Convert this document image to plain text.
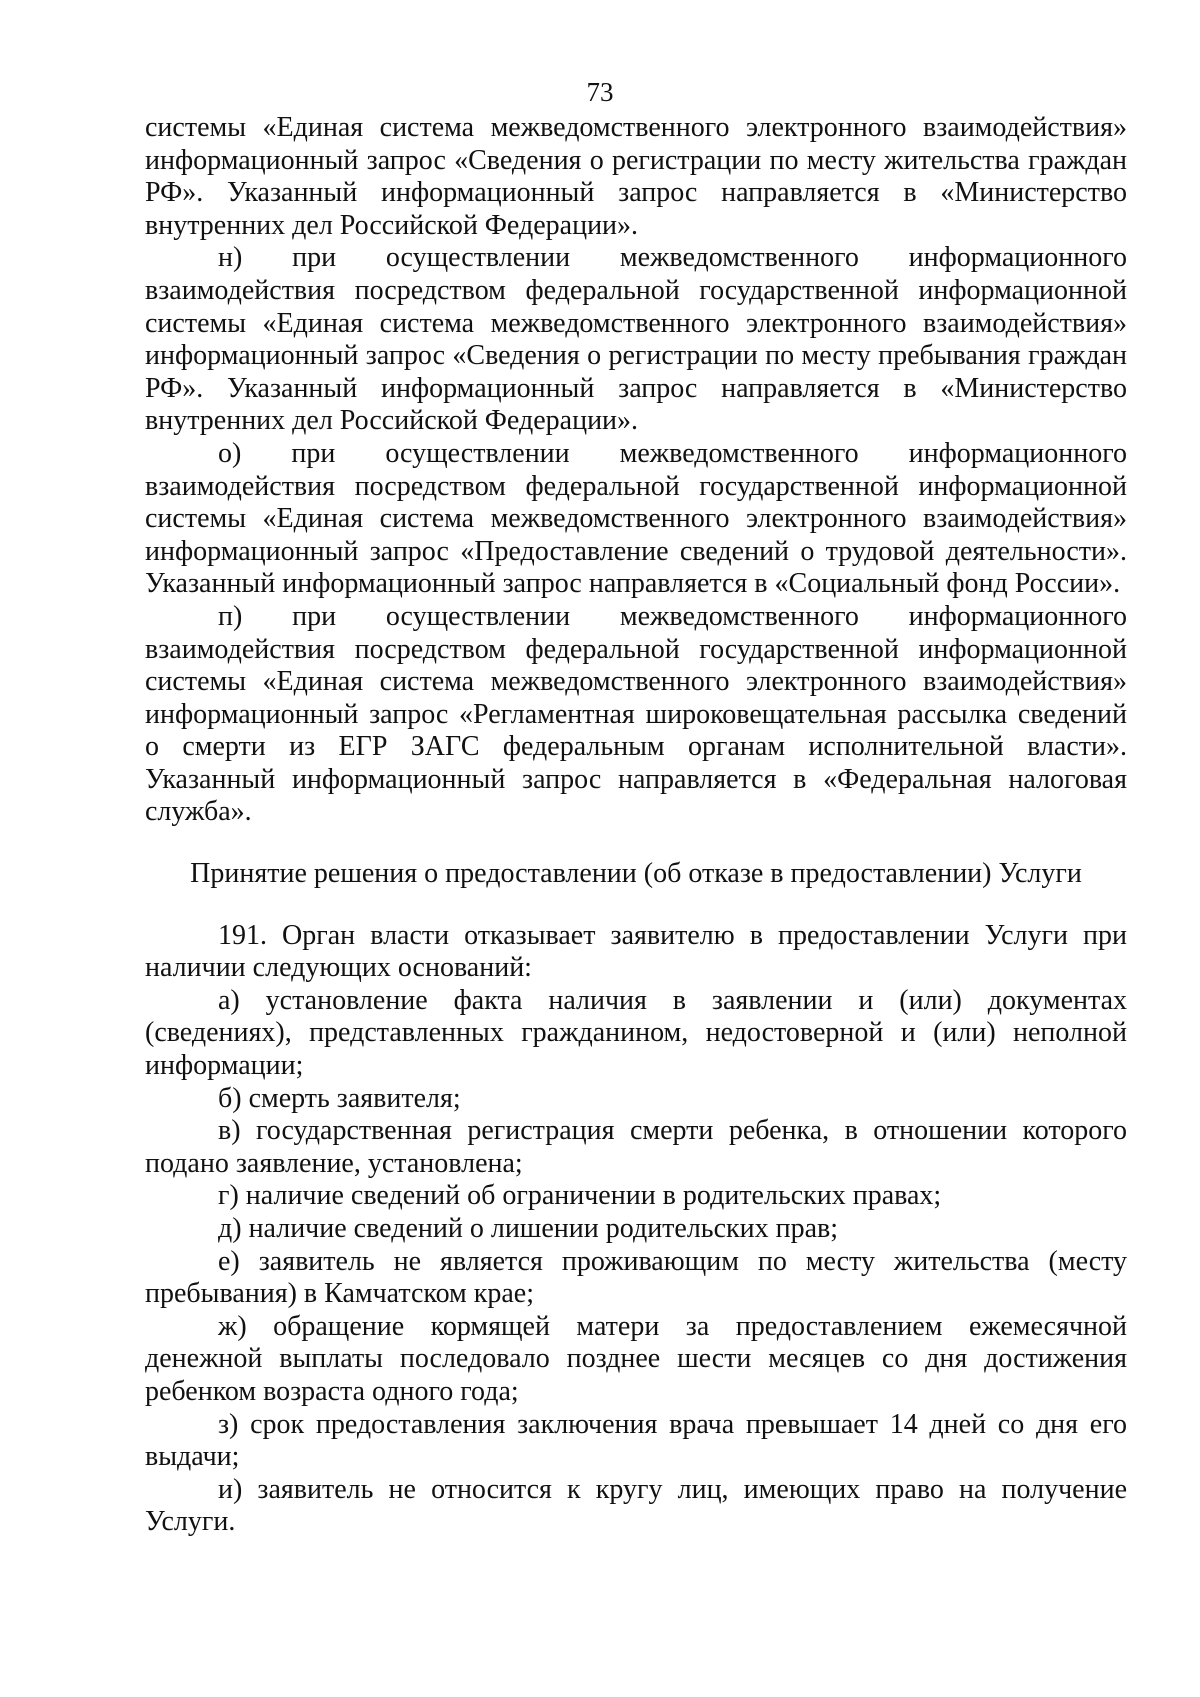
73

системы «Единая система межведомственного электронного взаимодействия» информационный запрос «Сведения о регистрации по месту жительства граждан РФ». Указанный информационный запрос направляется в «Министерство внутренних дел Российской Федерации».

н) при осуществлении межведомственного информационного взаимодействия посредством федеральной государственной информационной системы «Единая система межведомственного электронного взаимодействия» информационный запрос «Сведения о регистрации по месту пребывания граждан РФ». Указанный информационный запрос направляется в «Министерство внутренних дел Российской Федерации».

о) при осуществлении межведомственного информационного взаимодействия посредством федеральной государственной информационной системы «Единая система межведомственного электронного взаимодействия» информационный запрос «Предоставление сведений о трудовой деятельности». Указанный информационный запрос направляется в «Социальный фонд России».

п) при осуществлении межведомственного информационного взаимодействия посредством федеральной государственной информационной системы «Единая система межведомственного электронного взаимодействия» информационный запрос «Регламентная широковещательная рассылка сведений о смерти из ЕГР ЗАГС федеральным органам исполнительной власти». Указанный информационный запрос направляется в «Федеральная налоговая служба».

Принятие решения о предоставлении (об отказе в предоставлении) Услуги

191. Орган власти отказывает заявителю в предоставлении Услуги при наличии следующих оснований:

а) установление факта наличия в заявлении и (или) документах (сведениях), представленных гражданином, недостоверной и (или) неполной информации;

б) смерть заявителя;

в) государственная регистрация смерти ребенка, в отношении которого подано заявление, установлена;

г) наличие сведений об ограничении в родительских правах;

д) наличие сведений о лишении родительских прав;

е) заявитель не является проживающим по месту жительства (месту пребывания) в Камчатском крае;

ж) обращение кормящей матери за предоставлением ежемесячной денежной выплаты последовало позднее шести месяцев со дня достижения ребенком возраста одного года;

з) срок предоставления заключения врача превышает 14 дней со дня его выдачи;

и) заявитель не относится к кругу лиц, имеющих право на получение Услуги.
